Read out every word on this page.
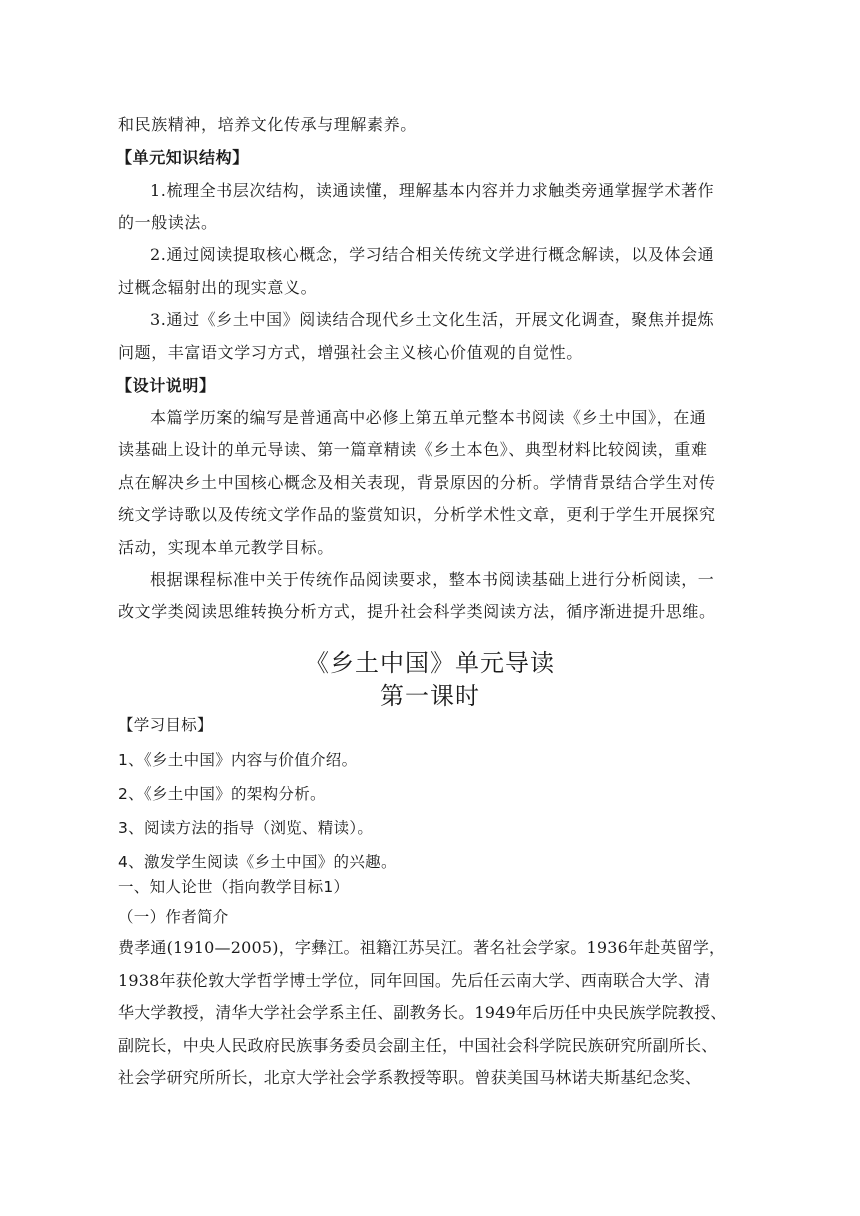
和民族精神，培养文化传承与理解素养。
【单元知识结构】
1.梳理全书层次结构，读通读懂，理解基本内容并力求触类旁通掌握学术著作
的一般读法。
2.通过阅读提取核心概念，学习结合相关传统文学进行概念解读，以及体会通
过概念辐射出的现实意义。
3.通过《乡土中国》阅读结合现代乡土文化生活，开展文化调查，聚焦并提炼
问题，丰富语文学习方式，增强社会主义核心价值观的自觉性。
【设计说明】
本篇学历案的编写是普通高中必修上第五单元整本书阅读《乡土中国》，在通
读基础上设计的单元导读、第一篇章精读《乡土本色》、典型材料比较阅读，重难
点在解决乡土中国核心概念及相关表现，背景原因的分析。学情背景结合学生对传
统文学诗歌以及传统文学作品的鉴赏知识，分析学术性文章，更利于学生开展探究
活动，实现本单元教学目标。
根据课程标准中关于传统作品阅读要求，整本书阅读基础上进行分析阅读，一
改文学类阅读思维转换分析方式，提升社会科学类阅读方法，循序渐进提升思维。
《乡土中国》单元导读
第一课时
【学习目标】
1、《乡土中国》内容与价值介绍。
2、《乡土中国》的架构分析。
3、阅读方法的指导（浏览、精读）。
4、激发学生阅读《乡土中国》的兴趣。
一、知人论世（指向教学目标1）
（一）作者简介
费孝通(1910—2005)，字彝江。祖籍江苏吴江。著名社会学家。1936年赴英留学，
1938年获伦敦大学哲学博士学位，同年回国。先后任云南大学、西南联合大学、清
华大学教授，清华大学社会学系主任、副教务长。1949年后历任中央民族学院教授、
副院长，中央人民政府民族事务委员会副主任，中国社会科学院民族研究所副所长、
社会学研究所所长，北京大学社会学系教授等职。曾获美国马林诺夫斯基纪念奖、
